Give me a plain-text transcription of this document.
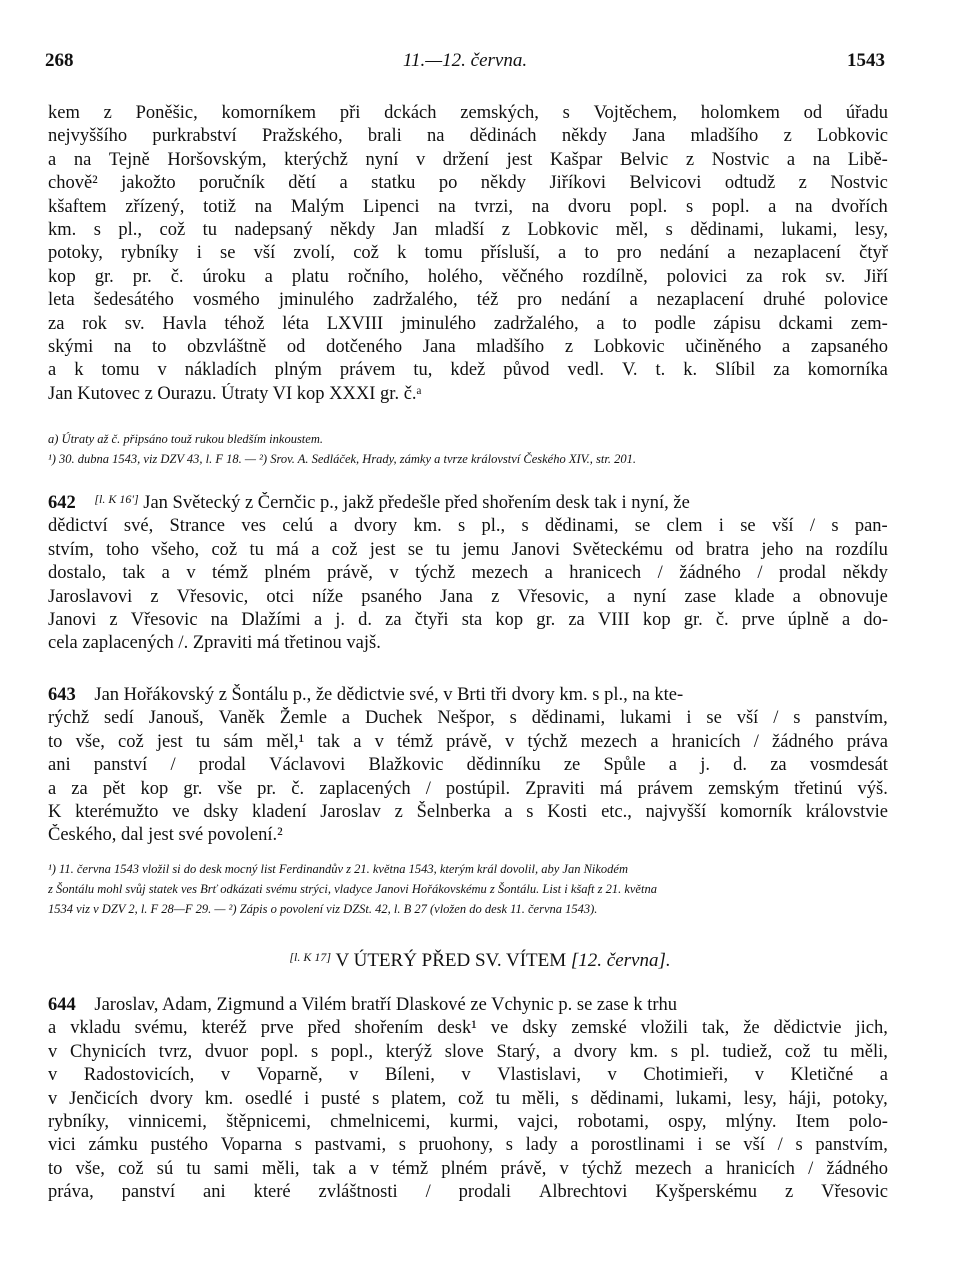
268	11.—12. června.	1543
kem z Poněšic, komorníkem při dckách zemských, s Vojtěchem, holomkem od úřadu
nejvyššího purkrabství Pražského, brali na dědinách někdy Jana mladšího z Lobkovic
a na Tejně Horšovským, kterýchž nyní v držení jest Kašpar Belvic z Nostvic a na Libě-
chově² jakožto poručník dětí a statku po někdy Jiříkovi Belvicovi odtudž z Nostvic
kšaftem zřízený, totiž na Malým Lipenci na tvrzi, na dvoru popl. s popl. a na dvořích
km. s pl., což tu nadepsaný někdy Jan mladší z Lobkovic měl, s dědinami, lukami, lesy,
potoky, rybníky i se vší zvolí, což k tomu přísluší, a to pro nedání a nezaplacení čtyř
kop gr. pr. č. úroku a platu ročního, holého, věčného rozdílně, polovici za rok sv. Jiří
leta šedesátého vosmého jminulého zadržalého, též pro nedání a nezaplacení druhé polovice
za rok sv. Havla téhož léta LXVIII jminulého zadržalého, a to podle zápisu dckami zem-
skými na to obzvláštně od dotčeného Jana mladšího z Lobkovic učiněného a zapsaného
a k tomu v nákladích plným právem tu, kdež původ vedl. V. t. k. Slíbil za komorníka
Jan Kutovec z Ourazu. Útraty VI kop XXXI gr. č.ᵃ
a) Útraty až č. připsáno touž rukou bledším inkoustem.
¹) 30. dubna 1543, viz DZV 43, l. F 18. — ²) Srov. A. Sedláček, Hrady, zámky a tvrze království Českého XIV., str. 201.
642 [l. K 16'] Jan Světecký z Černčic p., jakž předešle před shořením desk tak i nyní, že
dědictví své, Strance ves celú a dvory km. s pl., s dědinami, se clem i se vší / s pan-
stvím, toho všeho, což tu má a což jest se tu jemu Janovi Světeckému od bratra jeho na rozdílu
dostalo, tak a v témž plném právě, v týchž mezech a hranicech / žádného / prodal někdy
Jaroslavovi z Vřesovic, otci níže psaného Jana z Vřesovic, a nyní zase klade a obnovuje
Janovi z Vřesovic na Dlažími a j. d. za čtyři sta kop gr. za VIII kop gr. č. prve úplně a do-
cela zaplacených /. Zpraviti má třetinou vajš.
643 Jan Hořákovský z Šontálu p., že dědictvie své, v Brti tři dvory km. s pl., na kte-
rýchž sedí Janouš, Vaněk Žemle a Duchek Nešpor, s dědinami, lukami i se vší / s panstvím,
to vše, což jest tu sám měl,¹ tak a v témž právě, v týchž mezech a hranicích / žádného práva
ani panství / prodal Václavovi Blažkovic dědinníku ze Spůle a j. d. za vosmdesát
a za pět kop gr. vše pr. č. zaplacených / postúpil. Zpraviti má právem zemským třetinú výš.
K kterémužto ve dsky kladení Jaroslav z Šelnberka a s Kosti etc., najvyšší komorník královstvie
Českého, dal jest své povolení.²
¹) 11. června 1543 vložil si do desk mocný list Ferdinandův z 21. května 1543, kterým král dovolil, aby Jan Nikodém
z Šontálu mohl svůj statek ves Brť odkázati svému strýci, vladyce Janovi Hořákovskému z Šontálu. List i kšaft z 21. května
1534 viz v DZV 2, l. F 28—F 29. — ²) Zápis o povolení viz DZSt. 42, l. B 27 (vložen do desk 11. června 1543).
[l. K 17] V ÚTERÝ PŘED SV. VÍTEM [12. června].
644 Jaroslav, Adam, Zigmund a Vilém bratří Dlaskové ze Vchynic p. se zase k trhu
a vkladu svému, kteréž prve před shořením desk¹ ve dsky zemské vložili tak, že dědictvie jich,
v Chynicích tvrz, dvuor popl. s popl., kterýž slove Starý, a dvory km. s pl. tudiež, což tu měli,
v Radostovicích, v Voparně, v Bíleni, v Vlastislavi, v Chotimieři, v Kletičné a
v Jenčicích dvory km. osedlé i pusté s platem, což tu měli, s dědinami, lukami, lesy, háji, potoky,
rybníky, vinnicemi, štěpnicemi, chmelnicemi, kurmi, vajci, robotami, ospy, mlýny. Item polo-
vici zámku pustého Voparna s pastvami, s pruohony, s lady a porostlinami i se vší / s panstvím,
to vše, což sú tu sami měli, tak a v témž plném právě, v týchž mezech a hranicích / žádného
práva, panství ani které zvláštnosti / prodali Albrechtovi Kyšperskému z Vřesovic
